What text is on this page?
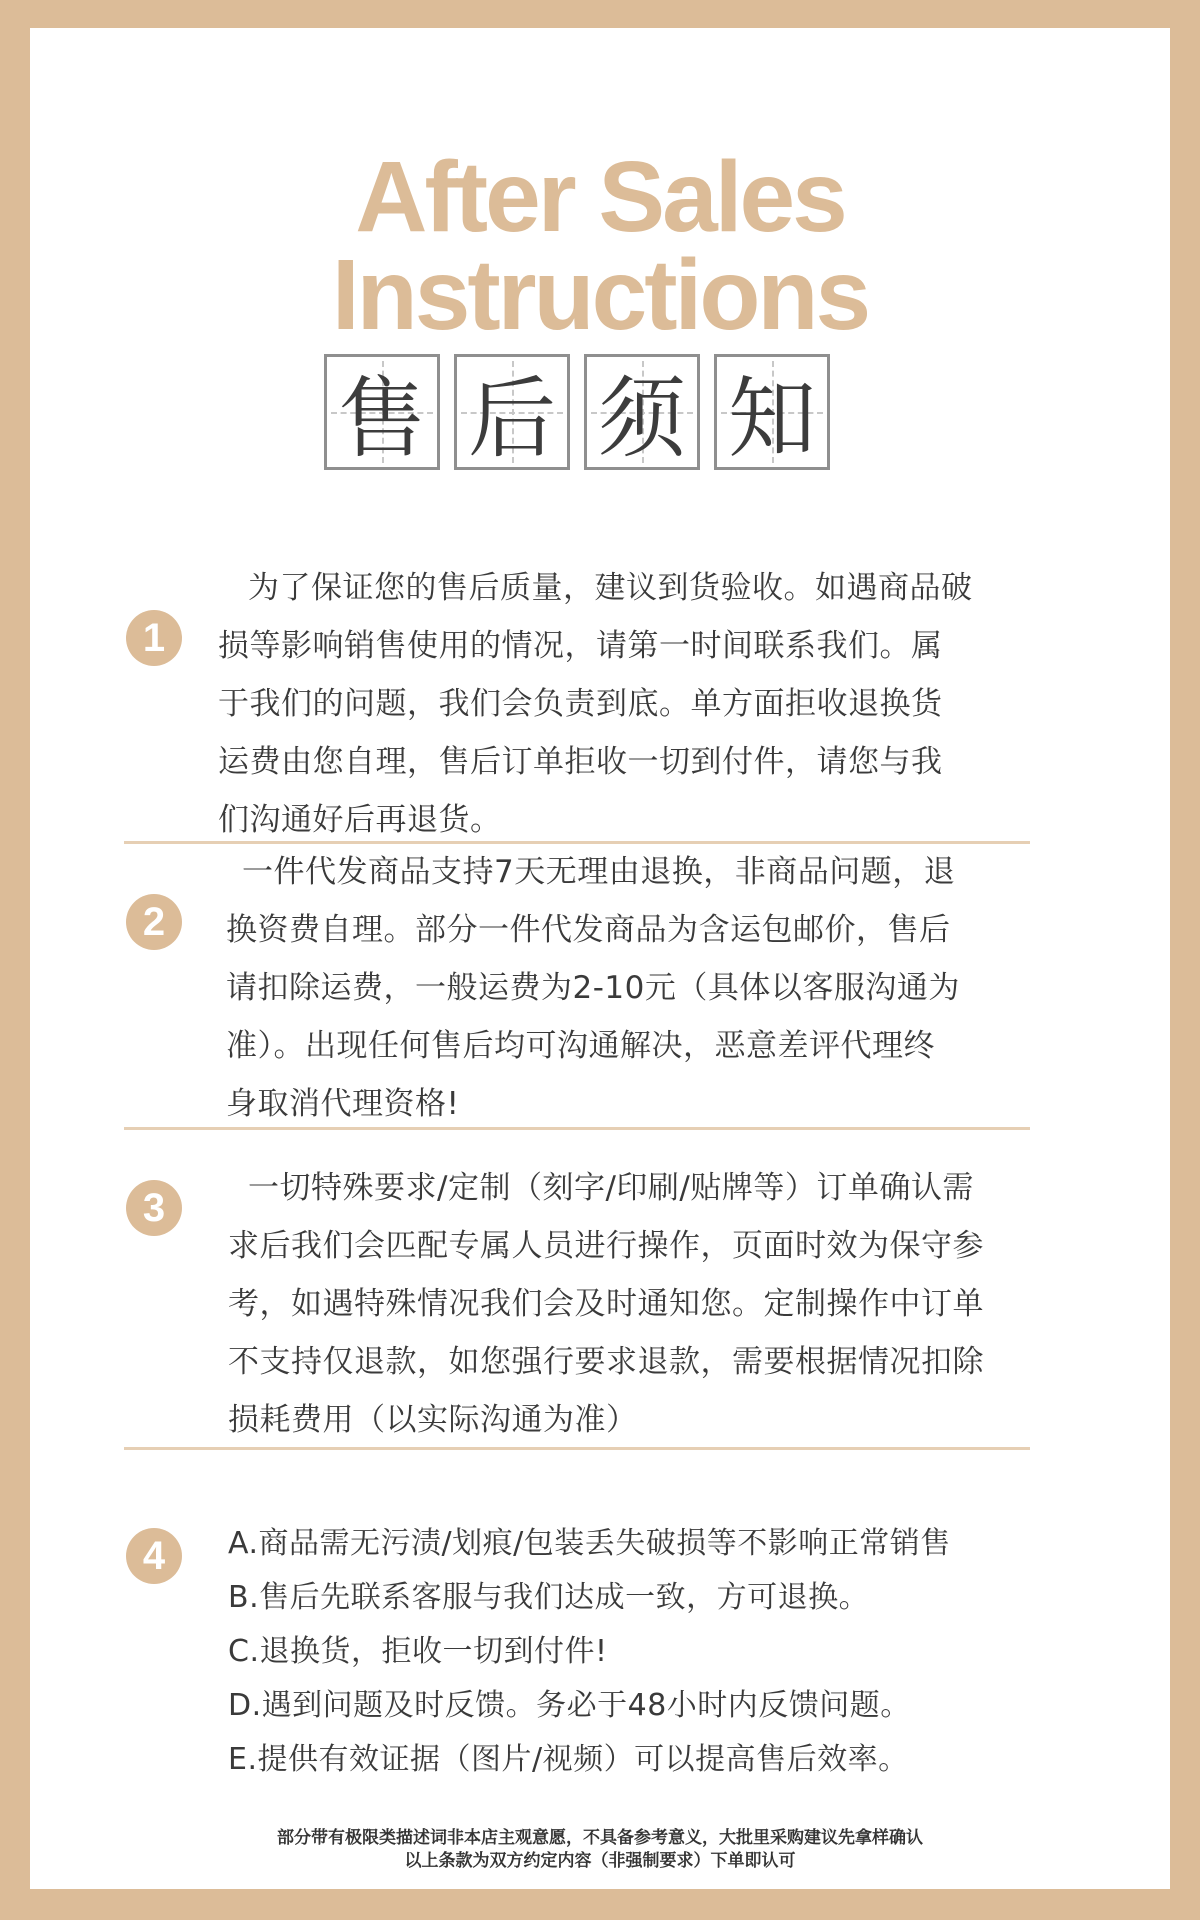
After Sales
Instructions
售 后 须 知
1
为了保证您的售后质量，建议到货验收。如遇商品破
损等影响销售使用的情况，请第一时间联系我们。属
于我们的问题，我们会负责到底。单方面拒收退换货
运费由您自理，售后订单拒收一切到付件，请您与我
们沟通好后再退货。
2
一件代发商品支持7天无理由退换，非商品问题，退
换资费自理。部分一件代发商品为含运包邮价，售后
请扣除运费，一般运费为2-10元（具体以客服沟通为
准）。出现任何售后均可沟通解决，恶意差评代理终
身取消代理资格!
3	一切特殊要求/定制（刻字/印刷/贴牌等）订单确认需
求后我们会匹配专属人员进行操作，页面时效为保守参
考，如遇特殊情况我们会及时通知您。定制操作中订单
不支持仅退款，如您强行要求退款，需要根据情况扣除
损耗费用（以实际沟通为准）
4	A.商品需无污渍/划痕/包装丢失破损等不影响正常销售
B.售后先联系客服与我们达成一致，方可退换。
C.退换货，拒收一切到付件!
D.遇到问题及时反馈。务必于48小时内反馈问题。
E.提供有效证据（图片/视频）可以提高售后效率。
部分带有极限类描述词非本店主观意愿，不具备参考意义，大批里采购建议先拿样确认
以上条款为双方约定内容（非强制要求）下单即认可
